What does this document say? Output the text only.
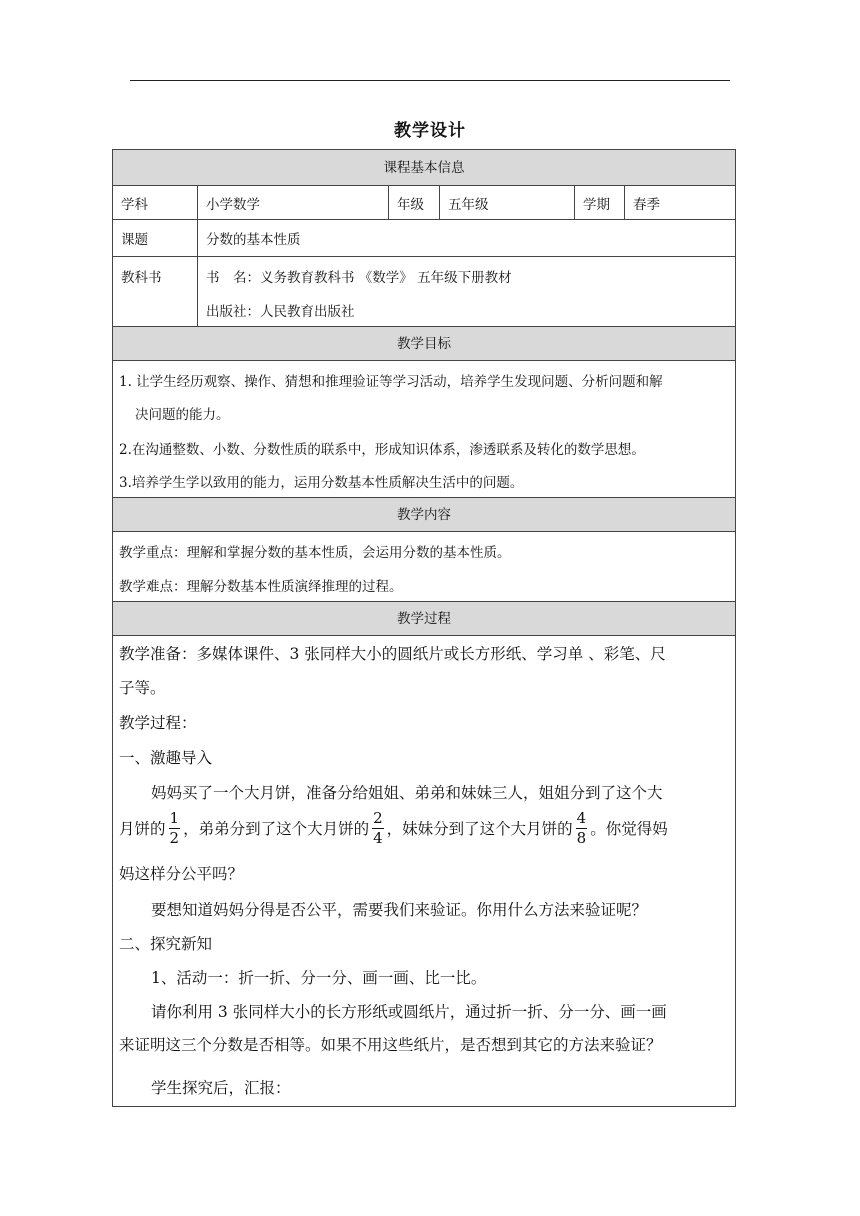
教学设计
课程基本信息
学科	小学数学	年级	五年级	学期	春季
课题	分数的基本性质
教科书	书　名：义务教育教科书 《数学》 五年级下册教材
出版社：人民教育出版社
教学目标
1. 让学生经历观察、操作、猜想和推理验证等学习活动，培养学生发现问题、分析问题和解
决问题的能力。
2.在沟通整数、小数、分数性质的联系中，形成知识体系，渗透联系及转化的数学思想。
3.培养学生学以致用的能力，运用分数基本性质解决生活中的问题。
教学内容
教学重点：理解和掌握分数的基本性质，会运用分数的基本性质。
教学难点：理解分数基本性质演绎推理的过程。
教学过程
教学准备：多媒体课件、3 张同样大小的圆纸片或长方形纸、学习单 、彩笔、尺
子等。
教学过程：
一、激趣导入
妈妈买了一个大月饼，准备分给姐姐、弟弟和妹妹三人，姐姐分到了这个大
月饼的 $\frac{1}{2}$ ，弟弟分到了这个大月饼的 $\frac{2}{4}$ ，妹妹分到了这个大月饼的 $\frac{4}{8}$ 。你觉得妈
妈这样分公平吗？
要想知道妈妈分得是否公平，需要我们来验证。你用什么方法来验证呢？
二、探究新知
1、活动一：折一折、分一分、画一画、比一比。
请你利用 3 张同样大小的长方形纸或圆纸片，通过折一折、分一分、画一画
来证明这三个分数是否相等。如果不用这些纸片，是否想到其它的方法来验证？
学生探究后，汇报：
